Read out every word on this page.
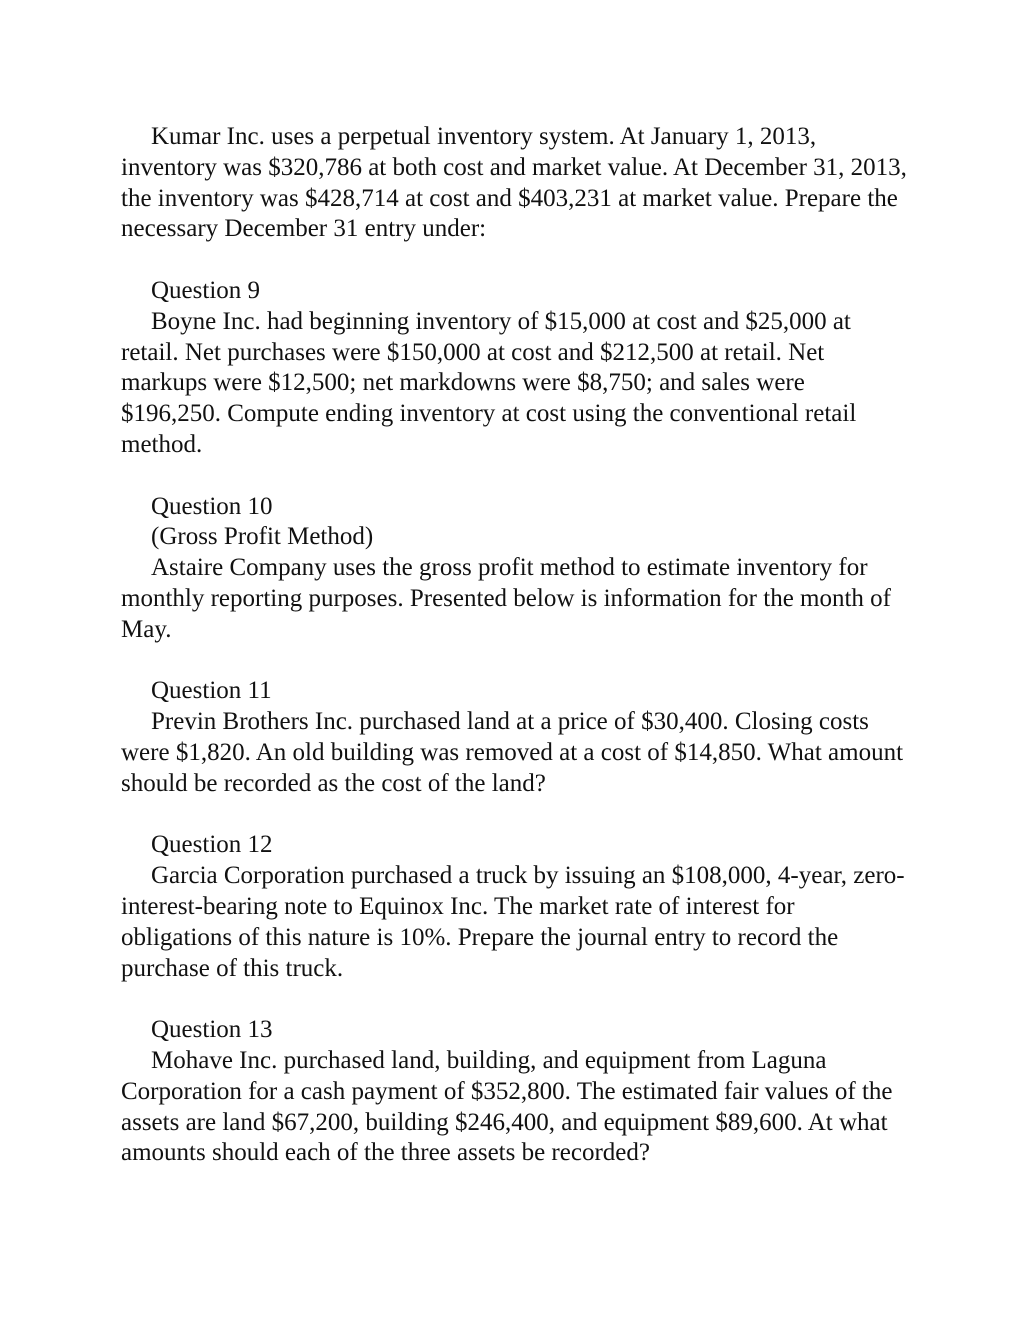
Kumar Inc. uses a perpetual inventory system. At January 1, 2013, inventory was $320,786 at both cost and market value. At December 31, 2013, the inventory was $428,714 at cost and $403,231 at market value. Prepare the necessary December 31 entry under:

Question 9

Boyne Inc. had beginning inventory of $15,000 at cost and $25,000 at retail. Net purchases were $150,000 at cost and $212,500 at retail. Net markups were $12,500; net markdowns were $8,750; and sales were $196,250. Compute ending inventory at cost using the conventional retail method.

Question 10

(Gross Profit Method)

Astaire Company uses the gross profit method to estimate inventory for monthly reporting purposes. Presented below is information for the month of May.

Question 11

Previn Brothers Inc. purchased land at a price of $30,400. Closing costs were $1,820. An old building was removed at a cost of $14,850. What amount should be recorded as the cost of the land?

Question 12

Garcia Corporation purchased a truck by issuing an $108,000, 4-year, zero-interest-bearing note to Equinox Inc. The market rate of interest for obligations of this nature is 10%. Prepare the journal entry to record the purchase of this truck.

Question 13

Mohave Inc. purchased land, building, and equipment from Laguna Corporation for a cash payment of $352,800. The estimated fair values of the assets are land $67,200, building $246,400, and equipment $89,600. At what amounts should each of the three assets be recorded?
